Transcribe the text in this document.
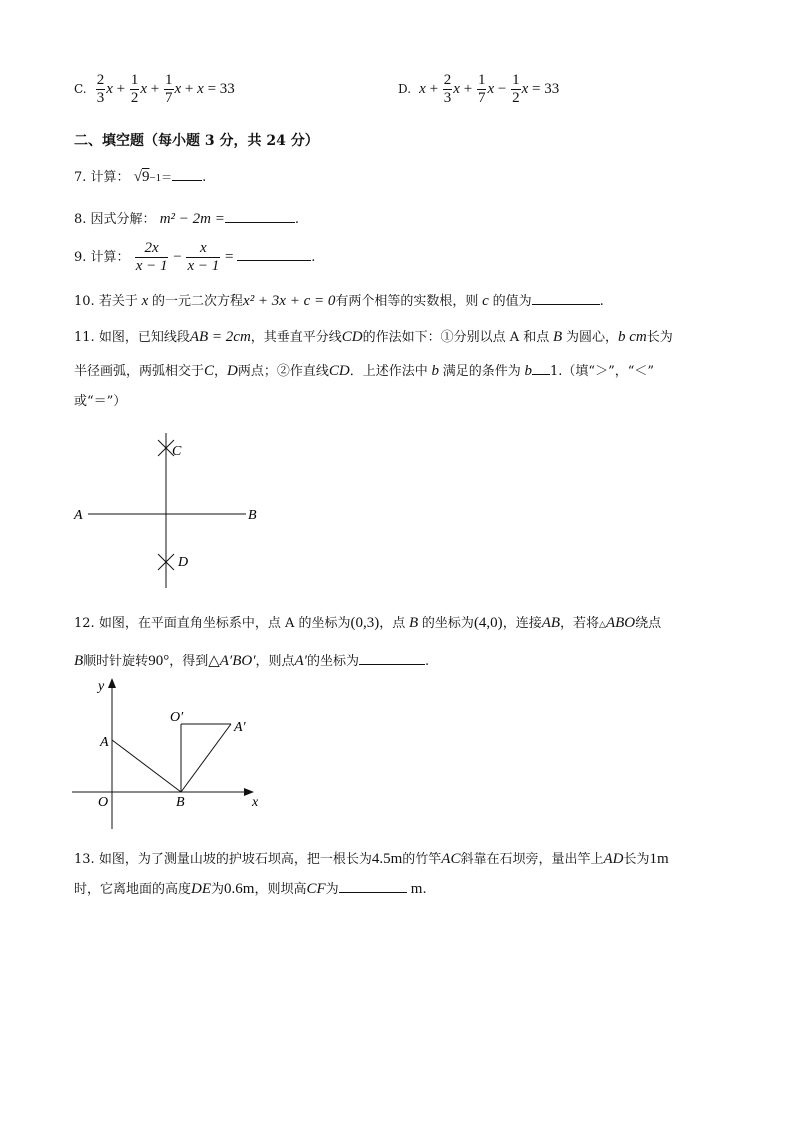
C. $\frac{2}{3}$ $x + \frac{1}{2}$ $x + \frac{1}{7}$ x + x = 33	D. $x + \frac{2}{3}$ $x + \frac{1}{7}$ $x - \frac{1}{2}$ x = 33
二、填空题（每小题 3 分，共 24 分）
7. 计算： √9−1＝ .
8. 因式分解： m² − 2m =	.
9. 计算： $\frac{2x}{x - 1} - \frac{x}{x - 1}$ =	.
10. 若关于 x 的一元二次方程x² + 3x + c = 0有两个相等的实数根，则 c 的值为	.
11. 如图，已知线段AB = 2cm，其垂直平分线CD的作法如下：①分别以点 A 和点 B 为圆心，b cm长为
半径画弧，两弧相交于C，D两点；②作直线CD．上述作法中 b 满足的条件为 b 1.（填“＞”，“＜”
或“＝”）
C
A	B
D
12. 如图，在平面直角坐标系中，点 A 的坐标为(0,3)，点 B 的坐标为(4,0)，连接AB，若将△ABO绕点
B顺时针旋转90°，得到△A′BO′，则点A′的坐标为	.
y
x
A
O	B
O′
A′
13. 如图，为了测量山坡的护坡石坝高，把一根长为4.5m的竹竿AC斜靠在石坝旁，量出竿上AD长为1m
时，它离地面的高度DE为0.6m，则坝高CF为	m.
